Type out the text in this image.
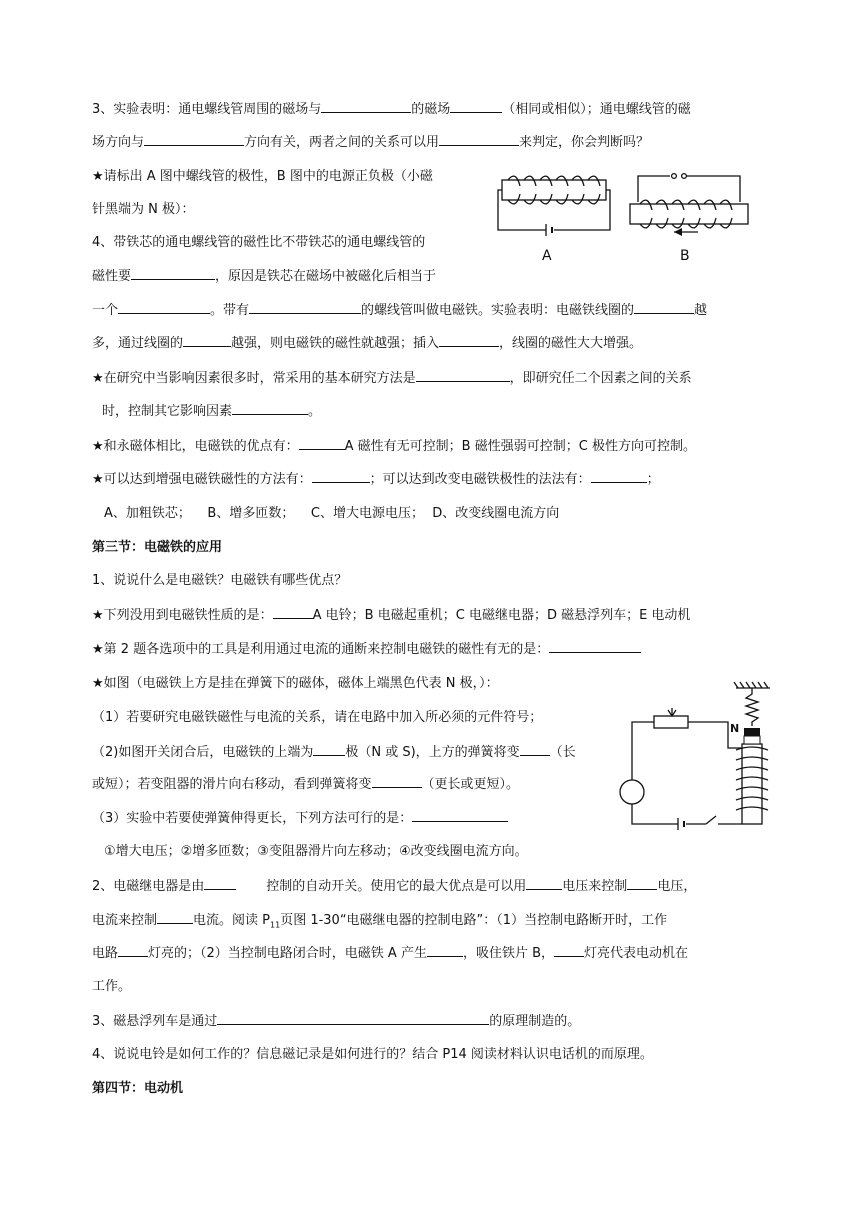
3、实验表明：通电螺线管周围的磁场与	的磁场	（相同或相似）；通电螺线管的磁
场方向与	方向有关，两者之间的关系可以用	来判定，你会判断吗？
★请标出 A 图中螺线管的极性，B 图中的电源正负极（小磁
针黑端为 N 极）：
4、带铁芯的通电螺线管的磁性比不带铁芯的通电螺线管的
磁性要	，原因是铁芯在磁场中被磁化后相当于
A	B
一个	。带有	的螺线管叫做电磁铁。实验表明：电磁铁线圈的	越
多，通过线圈的	越强，则电磁铁的磁性就越强；插入	，线圈的磁性大大增强。
★在研究中当影响因素很多时，常采用的基本研究方法是	，即研究任二个因素之间的关系
时，控制其它影响因素	。
★和永磁体相比，电磁铁的优点有：	A 磁性有无可控制；B 磁性强弱可控制；C 极性方向可控制。
★可以达到增强电磁铁磁性的方法有：	；可以达到改变电磁铁极性的法法有：	；
A、加粗铁芯；    B、增多匝数；    C、增大电源电压；  D、改变线圈电流方向
第三节：电磁铁的应用
1、说说什么是电磁铁？电磁铁有哪些优点？
★下列没用到电磁铁性质的是：	A 电铃；B 电磁起重机；C 电磁继电器；D 磁悬浮列车；E 电动机
★第 2 题各选项中的工具是利用通过电流的通断来控制电磁铁的磁性有无的是：
★如图（电磁铁上方是挂在弹簧下的磁体，磁体上端黑色代表 N 极，）：
（1）若要研究电磁铁磁性与电流的关系，请在电路中加入所必须的元件符号；
（2)如图开关闭合后，电磁铁的上端为 极（N 或 S)，上方的弹簧将变 （长
或短）；若变阻器的滑片向右移动，看到弹簧将变	（更长或更短）。
（3）实验中若要使弹簧伸得更长，下列方法可行的是：
①增大电压；②增多匝数；③变阻器滑片向左移动；④改变线圈电流方向。
N
2、电磁继电器是由	控制的自动开关。使用它的最大优点是可以用	电压来控制 电压，
电流来控制	电流。阅读 $P_{11}$页图 1-30“电磁继电器的控制电路”：（1）当控制电路断开时，工作
电路 灯亮的；（2）当控制电路闭合时，电磁铁 A 产生	，吸住铁片 B， 灯亮代表电动机在
工作。
3、磁悬浮列车是通过	的原理制造的。
4、说说电铃是如何工作的？信息磁记录是如何进行的？结合 P14 阅读材料认识电话机的而原理。
第四节：电动机
